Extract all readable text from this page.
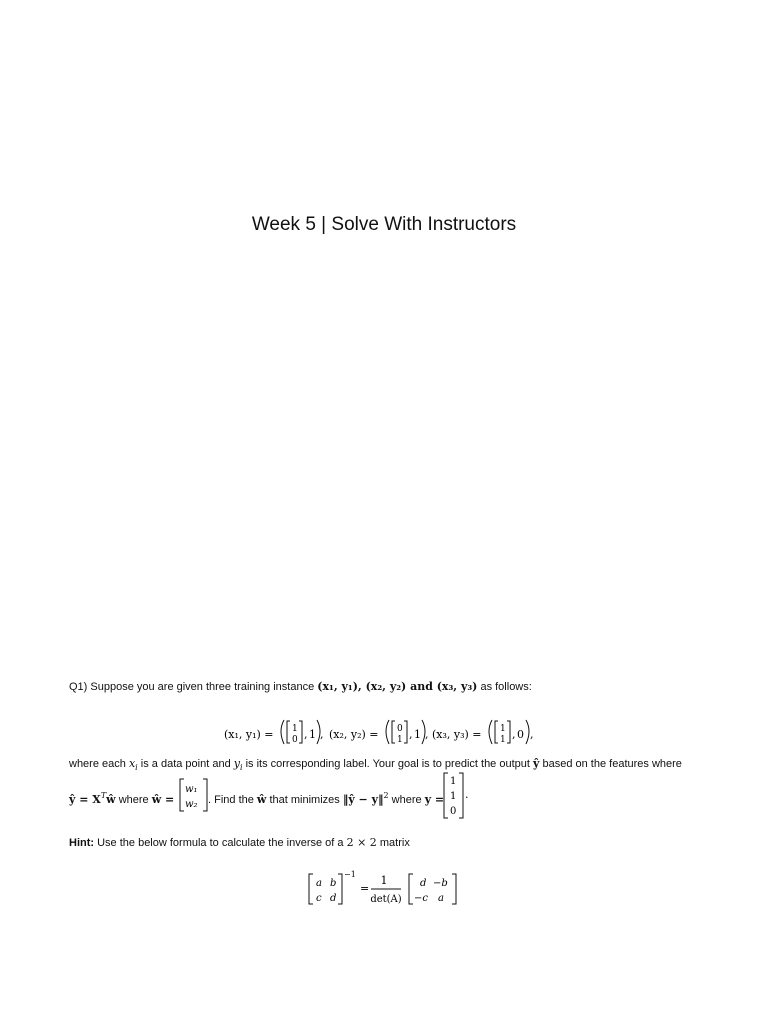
Week 5 | Solve With Instructors
Q1) Suppose you are given three training instance (x₁, y₁), (x₂, y₂) and (x₃, y₃) as follows:
(x₁, y₁) = 1
0 , 1 , (x₂, y₂) = 0
1 , 1 , (x₃, y₃) = 1
1 , 0 ,
where each $x_i$ is a data point and $y_i$ is its corresponding label. Your goal is to predict the output ŷ based on the features where
ŷ = $X^Tŵ$ where ŵ =
w₁
w₂ . Find the ŵ that minimizes ‖ŷ − y‖$^2$ where y =
1
1
0
.
Hint: Use the below formula to calculate the inverse of a 2 × 2 matrix
a b
c d
−1
=
1
det(A)
d −b
−c a
